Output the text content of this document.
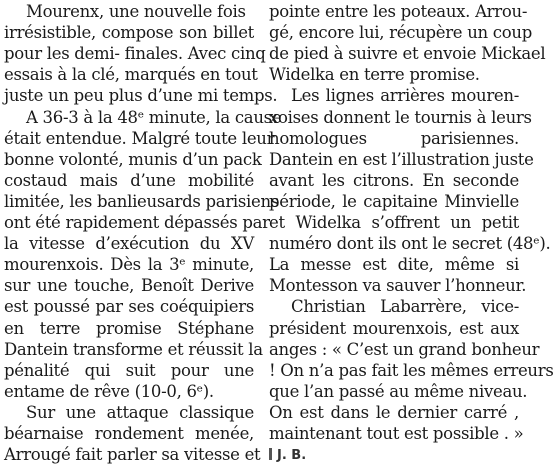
Mourenx, une nouvelle fois
irrésistible, compose son billet
pour les demi- finales. Avec cinq
essais à la clé, marqués en tout
juste un peu plus d’une mi temps.
A 36-3 à la 48ᵉ minute, la cause
était entendue. Malgré toute leur
bonne volonté, munis d’un pack
costaud mais d’une mobilité
limitée, les banlieusards parisiens
ont été rapidement dépassés par
la vitesse d’exécution du XV
mourenxois. Dès la 3ᵉ minute,
sur une touche, Benoît Derive
est poussé par ses coéquipiers
en terre promise Stéphane
Dantein transforme et réussit la
pénalité qui suit pour une
entame de rêve (10-0, 6ᵉ).
Sur une attaque classique
béarnaise rondement menée,
Arrougé fait parler sa vitesse et	J. B.
pointe entre les poteaux. Arrou-
gé, encore lui, récupère un coup
de pied à suivre et envoie Mickael
Widelka en terre promise.
Les lignes arrières mouren-
xoises donnent le tournis à leurs
homologues parisiennes.
Dantein en est l’illustration juste
avant les citrons. En seconde
période, le capitaine Minvielle
et Widelka s’offrent un petit
numéro dont ils ont le secret (48ᵉ).
La messe est dite, même si
Montesson va sauver l’honneur.
Christian Labarrère, vice-
président mourenxois, est aux
anges : « C’est un grand bonheur
! On n’a pas fait les mêmes erreurs
que l’an passé au même niveau.
On est dans le dernier carré ,
maintenant tout est possible . »
